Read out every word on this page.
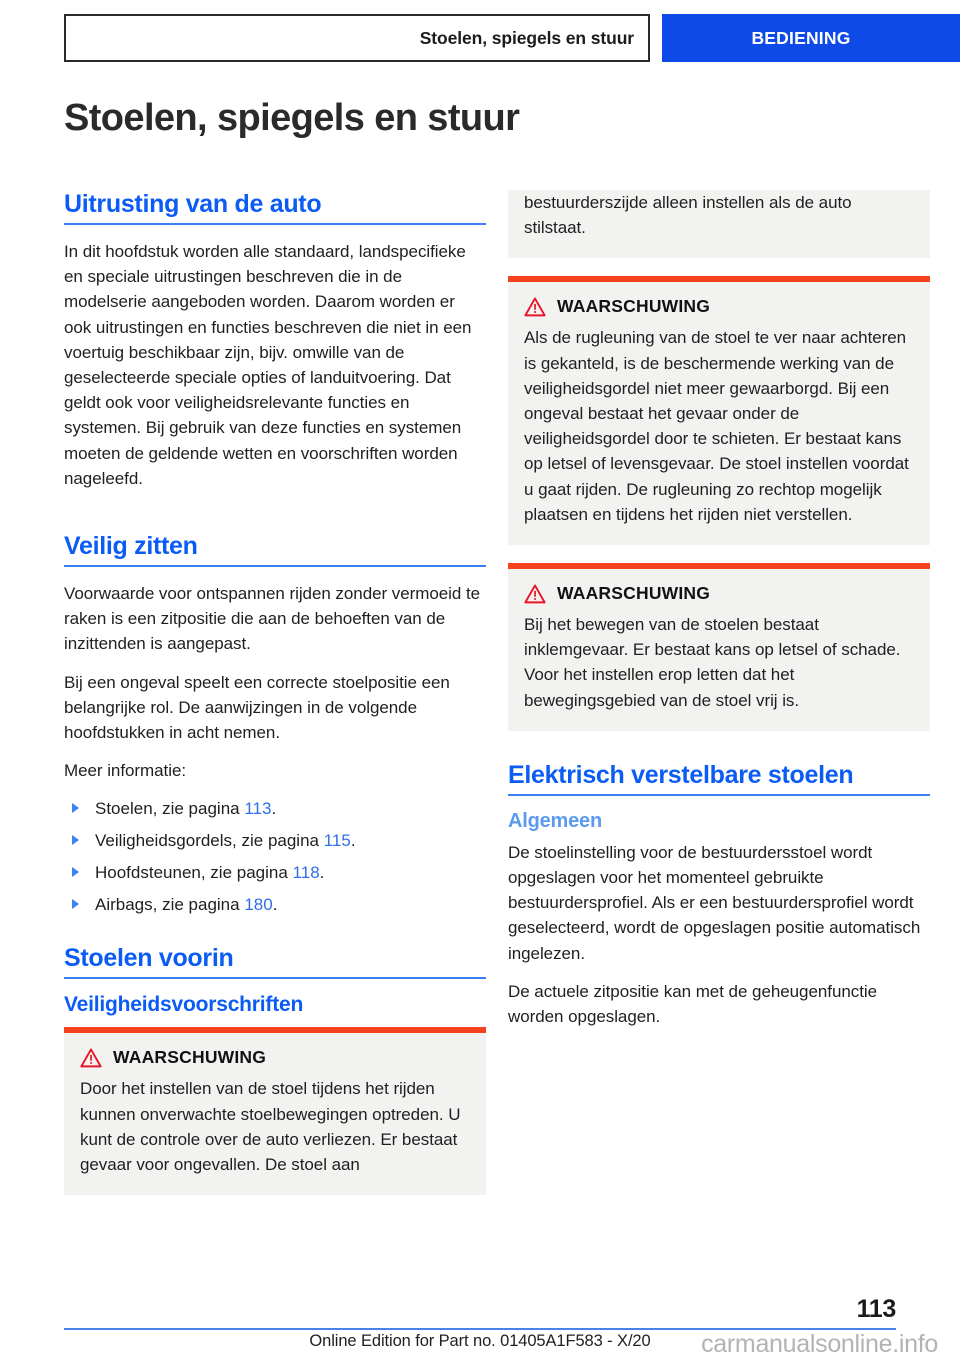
Stoelen, spiegels en stuur	BEDIENING
Stoelen, spiegels en stuur
Uitrusting van de auto

In dit hoofdstuk worden alle standaard, landspecifieke en speciale uitrustingen beschreven die in de modelserie aangeboden worden. Daarom worden er ook uitrustingen en functies beschreven die niet in een voertuig beschikbaar zijn, bijv. omwille van de geselecteerde speciale opties of landuitvoering. Dat geldt ook voor veiligheidsrelevante functies en systemen. Bij gebruik van deze functies en systemen moeten de geldende wetten en voorschriften worden nageleefd.

Veilig zitten

Voorwaarde voor ontspannen rijden zonder vermoeid te raken is een zitpositie die aan de behoeften van de inzittenden is aangepast.

Bij een ongeval speelt een correcte stoelpositie een belangrijke rol. De aanwijzingen in de volgende hoofdstukken in acht nemen.

Meer informatie:

Stoelen, zie pagina 113.
Veiligheidsgordels, zie pagina 115.
Hoofdsteunen, zie pagina 118.
Airbags, zie pagina 180.
Stoelen voorin
Veiligheidsvoorschriften
WAARSCHUWING
Door het instellen van de stoel tijdens het rijden kunnen onverwachte stoelbewegingen optreden. U kunt de controle over de auto verliezen. Er bestaat gevaar voor ongevallen. De stoel aan
bestuurderszijde alleen instellen als de auto stilstaat.
WAARSCHUWING
Als de rugleuning van de stoel te ver naar achteren is gekanteld, is de beschermende werking van de veiligheidsgordel niet meer gewaarborgd. Bij een ongeval bestaat het gevaar onder de veiligheidsgordel door te schieten. Er bestaat kans op letsel of levensgevaar. De stoel instellen voordat u gaat rijden. De rugleuning zo rechtop mogelijk plaatsen en tijdens het rijden niet verstellen.
WAARSCHUWING
Bij het bewegen van de stoelen bestaat inklemgevaar. Er bestaat kans op letsel of schade. Voor het instellen erop letten dat het bewegingsgebied van de stoel vrij is.
Elektrisch verstelbare stoelen
Algemeen

De stoelinstelling voor de bestuurdersstoel wordt opgeslagen voor het momenteel gebruikte bestuurdersprofiel. Als er een bestuurdersprofiel wordt geselecteerd, wordt de opgeslagen positie automatisch ingelezen.

De actuele zitpositie kan met de geheugenfunctie worden opgeslagen.

113
Online Edition for Part no. 01405A1F583 - X/20	carmanualsonline.info
